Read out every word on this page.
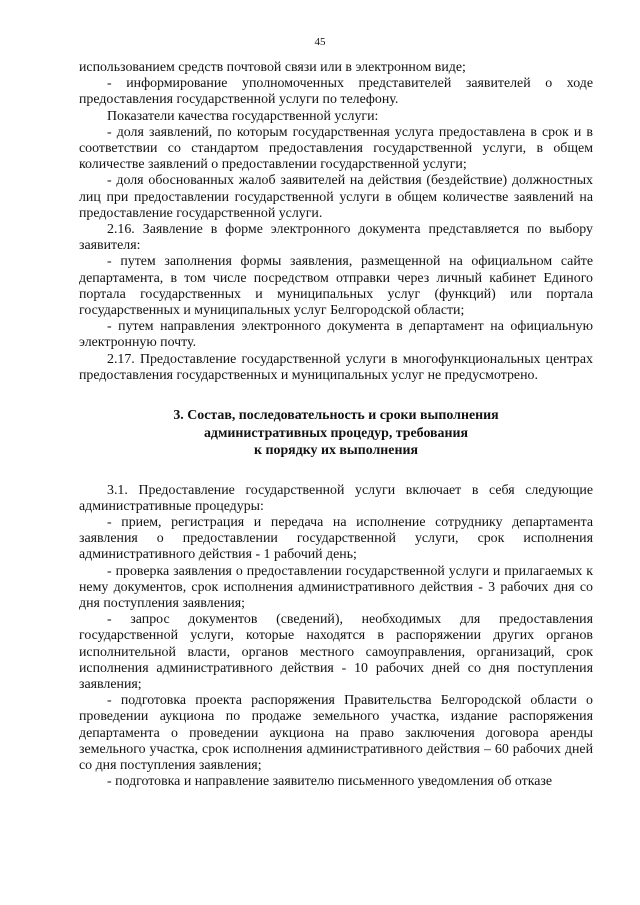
45

использованием средств почтовой связи или в электронном виде;

- информирование уполномоченных представителей заявителей о ходе предоставления государственной услуги по телефону.

Показатели качества государственной услуги:

- доля заявлений, по которым государственная услуга предоставлена в срок и в соответствии со стандартом предоставления государственной услуги, в общем количестве заявлений о предоставлении государственной услуги;

- доля обоснованных жалоб заявителей на действия (бездействие) должностных лиц при предоставлении государственной услуги в общем количестве заявлений на предоставление государственной услуги.

2.16. Заявление в форме электронного документа представляется по выбору заявителя:

- путем заполнения формы заявления, размещенной на официальном сайте департамента, в том числе посредством отправки через личный кабинет Единого портала государственных и муниципальных услуг (функций) или портала государственных и муниципальных услуг Белгородской области;

- путем направления электронного документа в департамент на официальную электронную почту.

2.17. Предоставление государственной услуги в многофункциональных центрах предоставления государственных и муниципальных услуг не предусмотрено.

3. Состав, последовательность и сроки выполнения
административных процедур, требования
к порядку их выполнения

3.1. Предоставление государственной услуги включает в себя следующие административные процедуры:

- прием, регистрация и передача на исполнение сотруднику департамента заявления о предоставлении государственной услуги, срок исполнения административного действия - 1 рабочий день;

- проверка заявления о предоставлении государственной услуги и прилагаемых к нему документов, срок исполнения административного действия - 3 рабочих дня со дня поступления заявления;

- запрос документов (сведений), необходимых для предоставления государственной услуги, которые находятся в распоряжении других органов исполнительной власти, органов местного самоуправления, организаций, срок исполнения административного действия - 10 рабочих дней со дня поступления заявления;

- подготовка проекта распоряжения Правительства Белгородской области о проведении аукциона по продаже земельного участка, издание распоряжения департамента о проведении аукциона на право заключения договора аренды земельного участка, срок исполнения административного действия – 60 рабочих дней со дня поступления заявления;

- подготовка и направление заявителю письменного уведомления об отказе
